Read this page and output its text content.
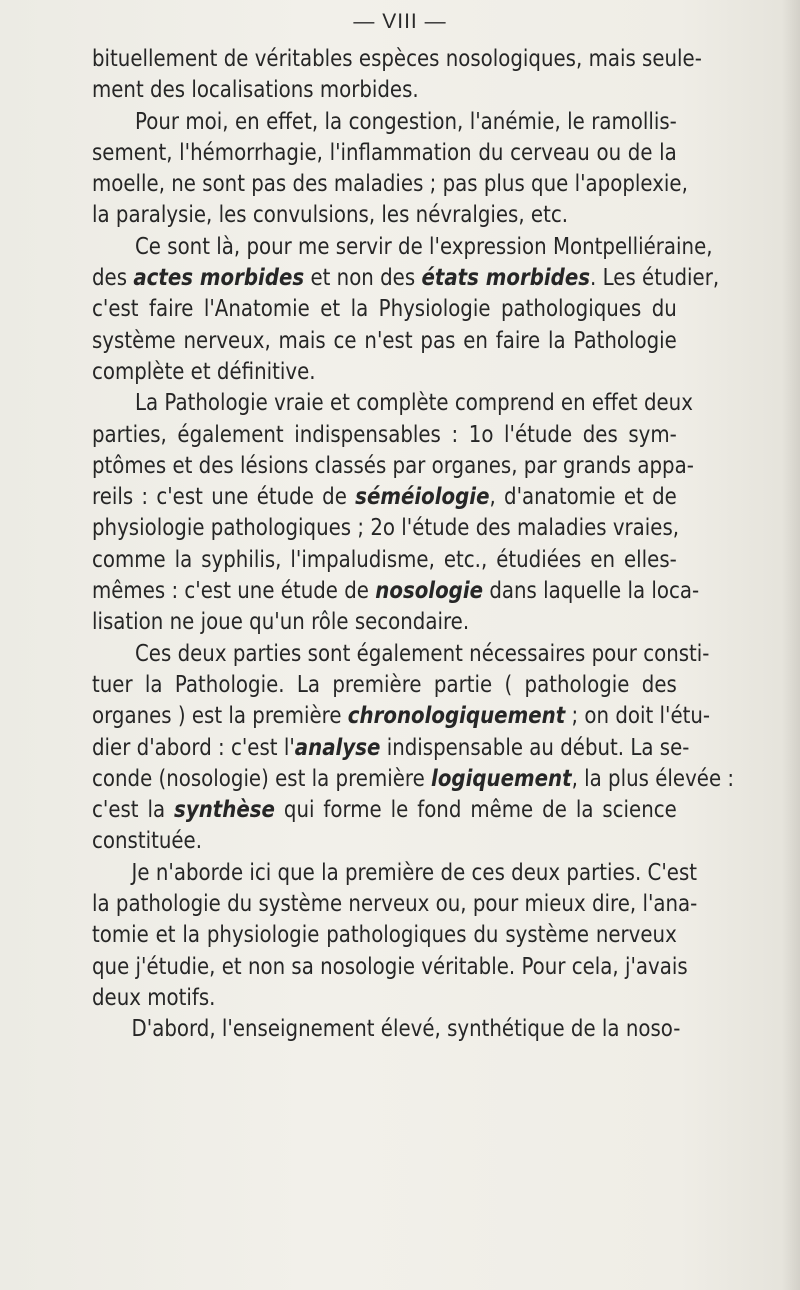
— VIII —
bituellement de véritables espèces nosologiques, mais seule-
ment des localisations morbides.
Pour moi, en effet, la congestion, l'anémie, le ramollis-
sement, l'hémorrhagie, l'inflammation du cerveau ou de la
moelle, ne sont pas des maladies ; pas plus que l'apoplexie,
la paralysie, les convulsions, les névralgies, etc.
Ce sont là, pour me servir de l'expression Montpelliéraine,
des actes morbides et non des états morbides. Les étudier,
c'est faire l'Anatomie et la Physiologie pathologiques du
système nerveux, mais ce n'est pas en faire la Pathologie
complète et définitive.
La Pathologie vraie et complète comprend en effet deux
parties, également indispensables : 1o l'étude des sym-
ptômes et des lésions classés par organes, par grands appa-
reils : c'est une étude de séméiologie, d'anatomie et de
physiologie pathologiques ; 2o l'étude des maladies vraies,
comme la syphilis, l'impaludisme, etc., étudiées en elles-
mêmes : c'est une étude de nosologie dans laquelle la loca-
lisation ne joue qu'un rôle secondaire.
Ces deux parties sont également nécessaires pour consti-
tuer la Pathologie. La première partie ( pathologie des
organes ) est la première chronologiquement ; on doit l'étu-
dier d'abord : c'est l'analyse indispensable au début. La se-
conde (nosologie) est la première logiquement, la plus élevée :
c'est la synthèse qui forme le fond même de la science
constituée.
Je n'aborde ici que la première de ces deux parties. C'est
la pathologie du système nerveux ou, pour mieux dire, l'ana-
tomie et la physiologie pathologiques du système nerveux
que j'étudie, et non sa nosologie véritable. Pour cela, j'avais
deux motifs.
D'abord, l'enseignement élevé, synthétique de la noso-
